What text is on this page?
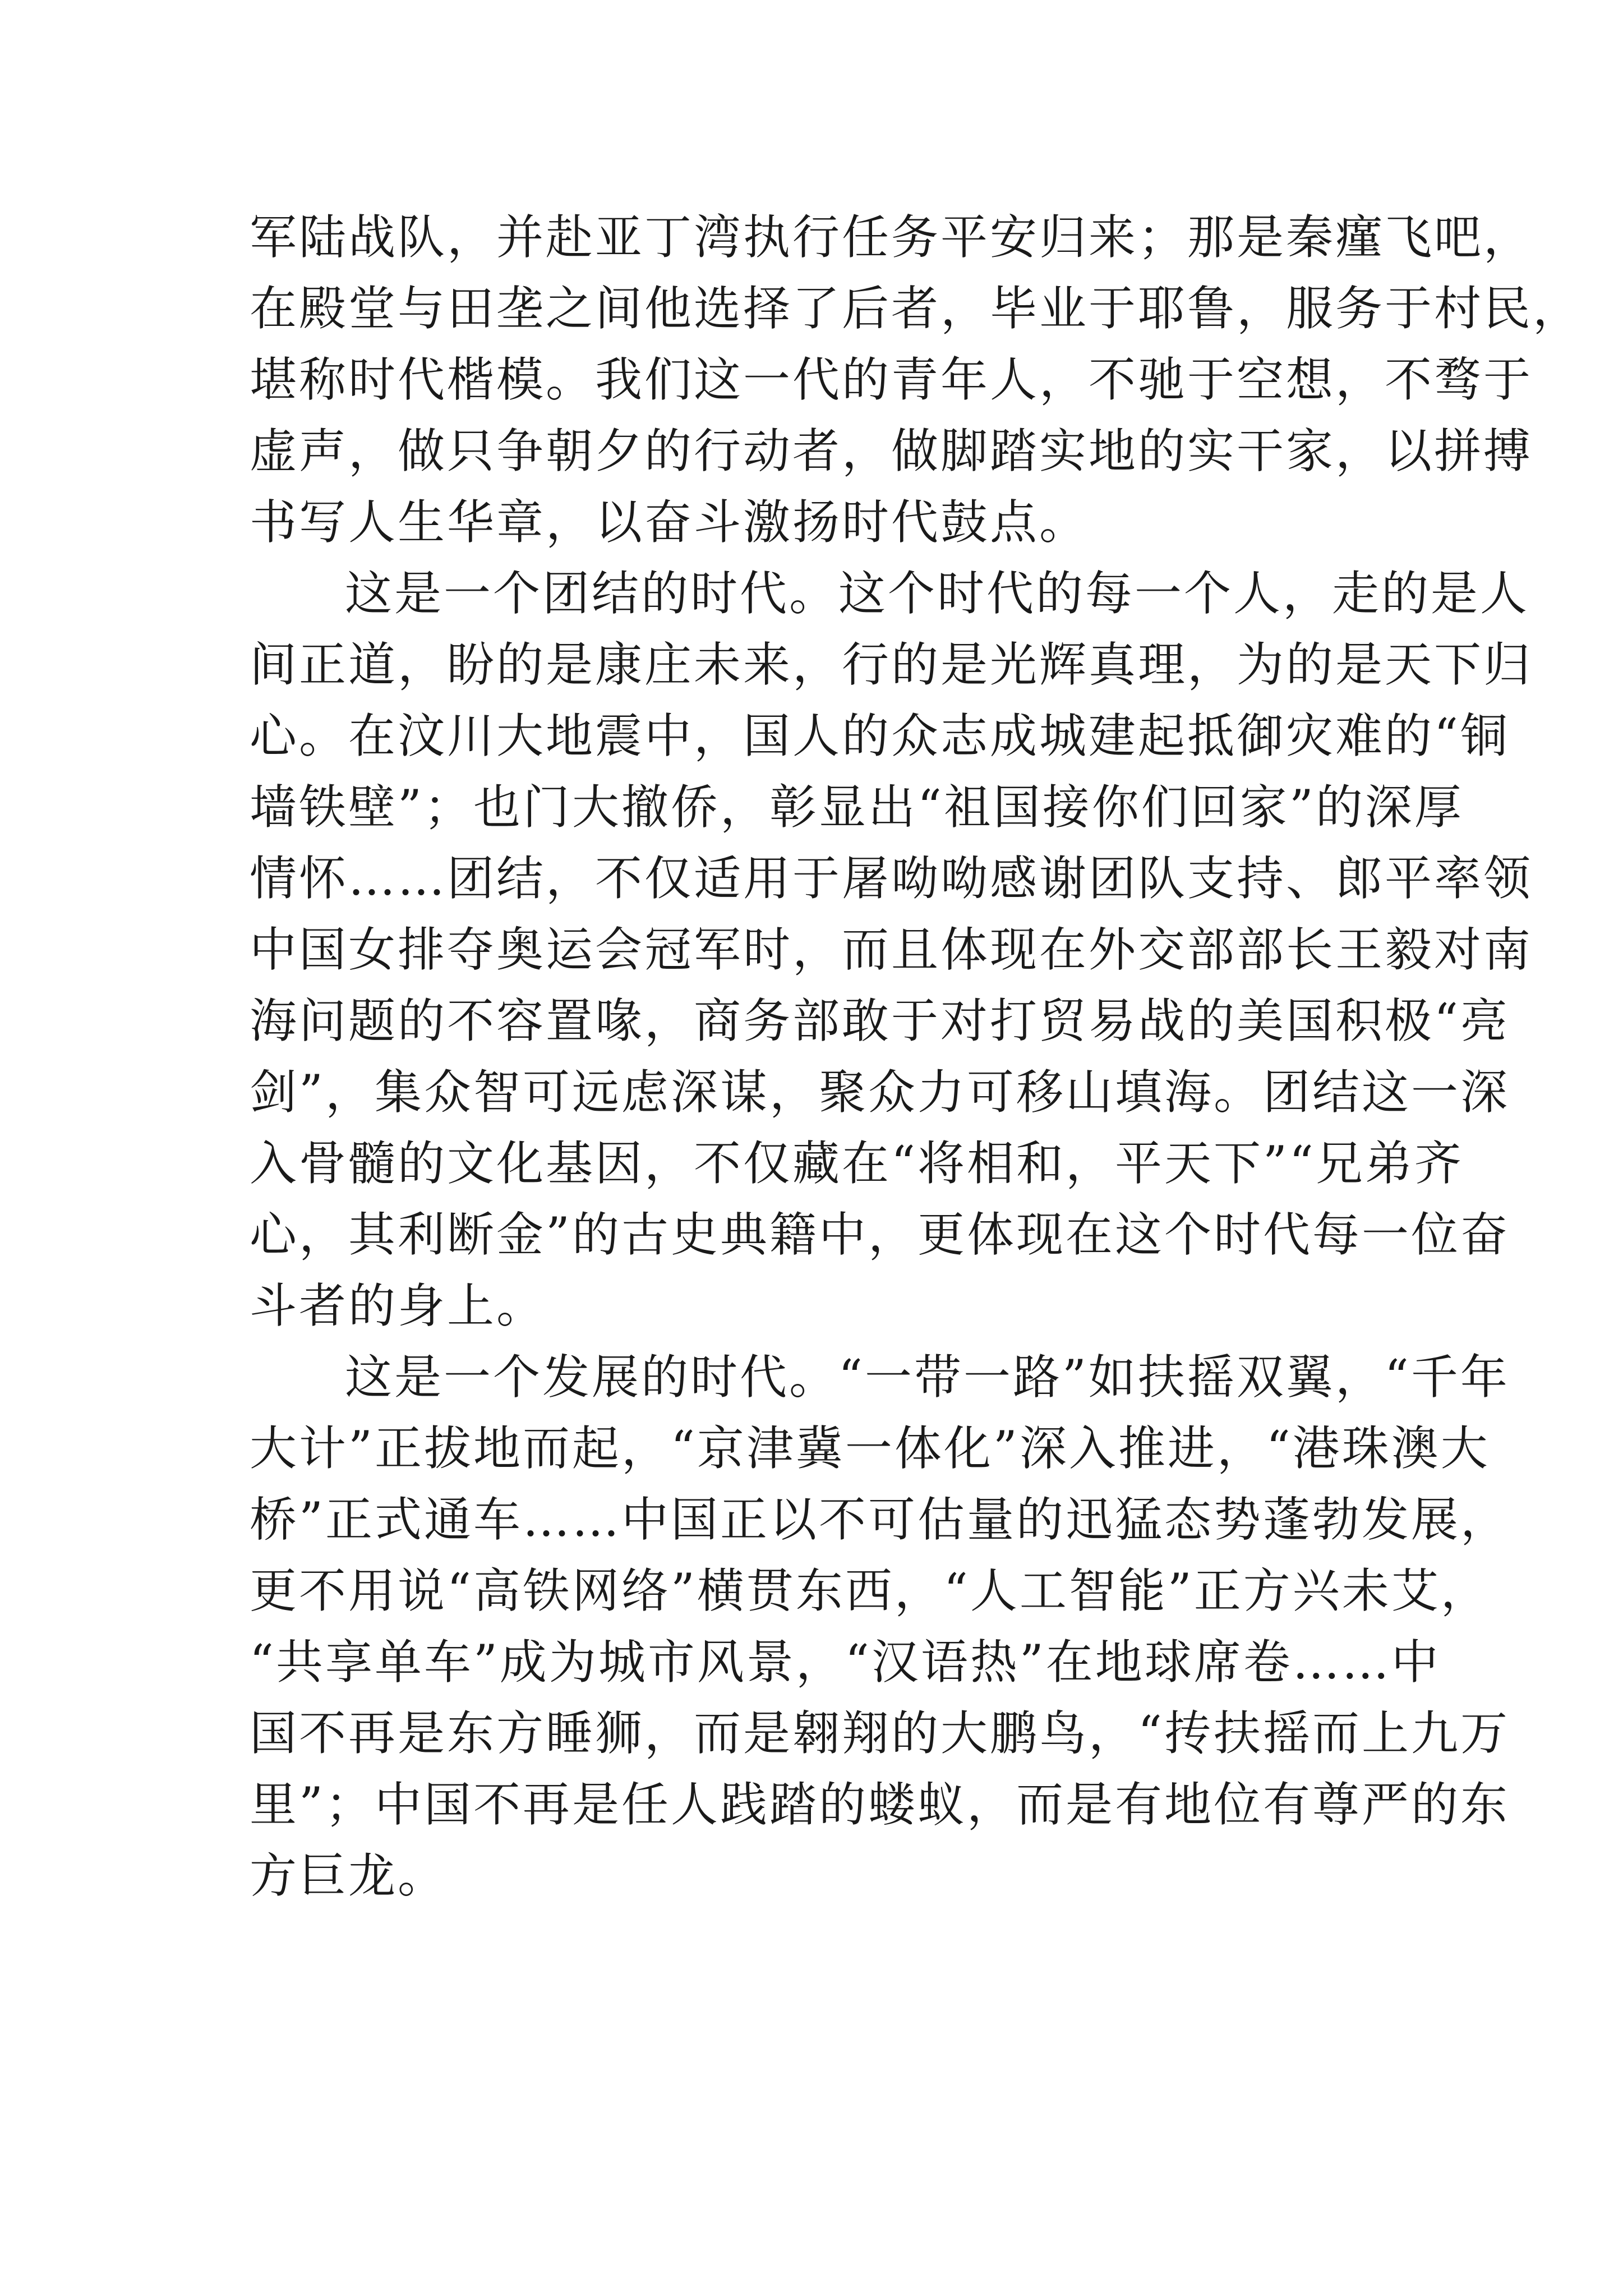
军陆战队，并赴亚丁湾执行任务平安归来；那是秦瘽飞吧，
在殿堂与田垄之间他选择了后者，毕业于耶鲁，服务于村民，
堪称时代楷模。我们这一代的青年人，不驰于空想，不骛于
虚声，做只争朝夕的行动者，做脚踏实地的实干家，以拼搏
书写人生华章，以奋斗激扬时代鼓点。
这是一个团结的时代。这个时代的每一个人，走的是人
间正道，盼的是康庄未来，行的是光辉真理，为的是天下归
心。在汶川大地震中，国人的众志成城建起抵御灾难的“铜
墙铁壁”；也门大撤侨，彰显出“祖国接你们回家”的深厚
情怀……团结，不仅适用于屠呦呦感谢团队支持、郎平率领
中国女排夺奥运会冠军时，而且体现在外交部部长王毅对南
海问题的不容置喙，商务部敢于对打贸易战的美国积极“亮
剑”，集众智可远虑深谋，聚众力可移山填海。团结这一深
入骨髓的文化基因，不仅藏在“将相和，平天下”“兄弟齐
心，其利断金”的古史典籍中，更体现在这个时代每一位奋
斗者的身上。
这是一个发展的时代。“一带一路”如扶摇双翼，“千年
大计”正拔地而起，“京津冀一体化”深入推进，“港珠澳大
桥”正式通车……中国正以不可估量的迅猛态势蓬勃发展，
更不用说“高铁网络”横贯东西，“人工智能”正方兴未艾，
“共享单车”成为城市风景，“汉语热”在地球席卷……中
国不再是东方睡狮，而是翱翔的大鹏鸟，“抟扶摇而上九万
里”；中国不再是任人践踏的蝼蚁，而是有地位有尊严的东
方巨龙。
